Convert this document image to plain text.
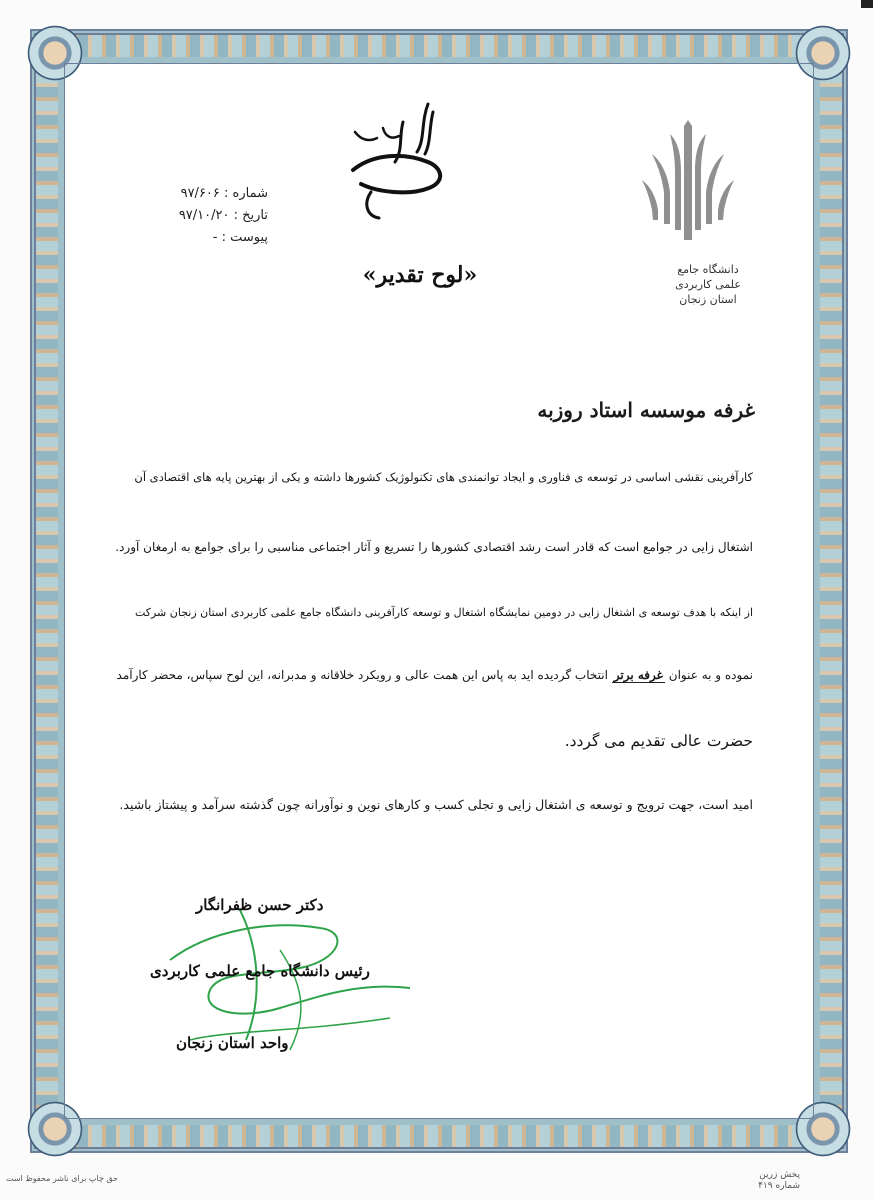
دانشگاه جامع
علمی کاربردی
استان زنجان
شماره : ۹۷/۶۰۶
تاریخ : ۹۷/۱۰/۲۰
پیوست : -
«لوح تقدیر»
غرفه موسسه استاد روزبه
کارآفرینی نقشی اساسی در توسعه ی فناوری و ایجاد توانمندی های تکنولوژیک کشورها داشته و یکی از بهترین پایه های اقتصادی آن
اشتغال زایی در جوامع است که قادر است رشد اقتصادی کشورها را تسریع و آثار اجتماعی مناسبی را برای جوامع به ارمغان آورد.
از اینکه با هدف توسعه ی اشتغال زایی در دومین نمایشگاه اشتغال و توسعه کارآفرینی دانشگاه جامع علمی کاربردی استان زنجان شرکت
نموده و به عنوان غرفه برتر انتخاب گردیده اید به پاس این همت عالی و رویکرد خلاقانه و مدبرانه، این لوح سپاس، محضر کارآمد
حضرت عالی تقدیم می گردد.
امید است، جهت ترویج و توسعه ی اشتغال زایی و تجلی کسب و کارهای نوین و نوآورانه چون گذشته سرآمد و پیشتاز باشید.
دکتر حسن ظفرانگار
رئیس دانشگاه جامع علمی کاربردی
واحد استان زنجان
حق چاپ برای ناشر محفوظ است	پخش زرین
شماره ۴۱۹
